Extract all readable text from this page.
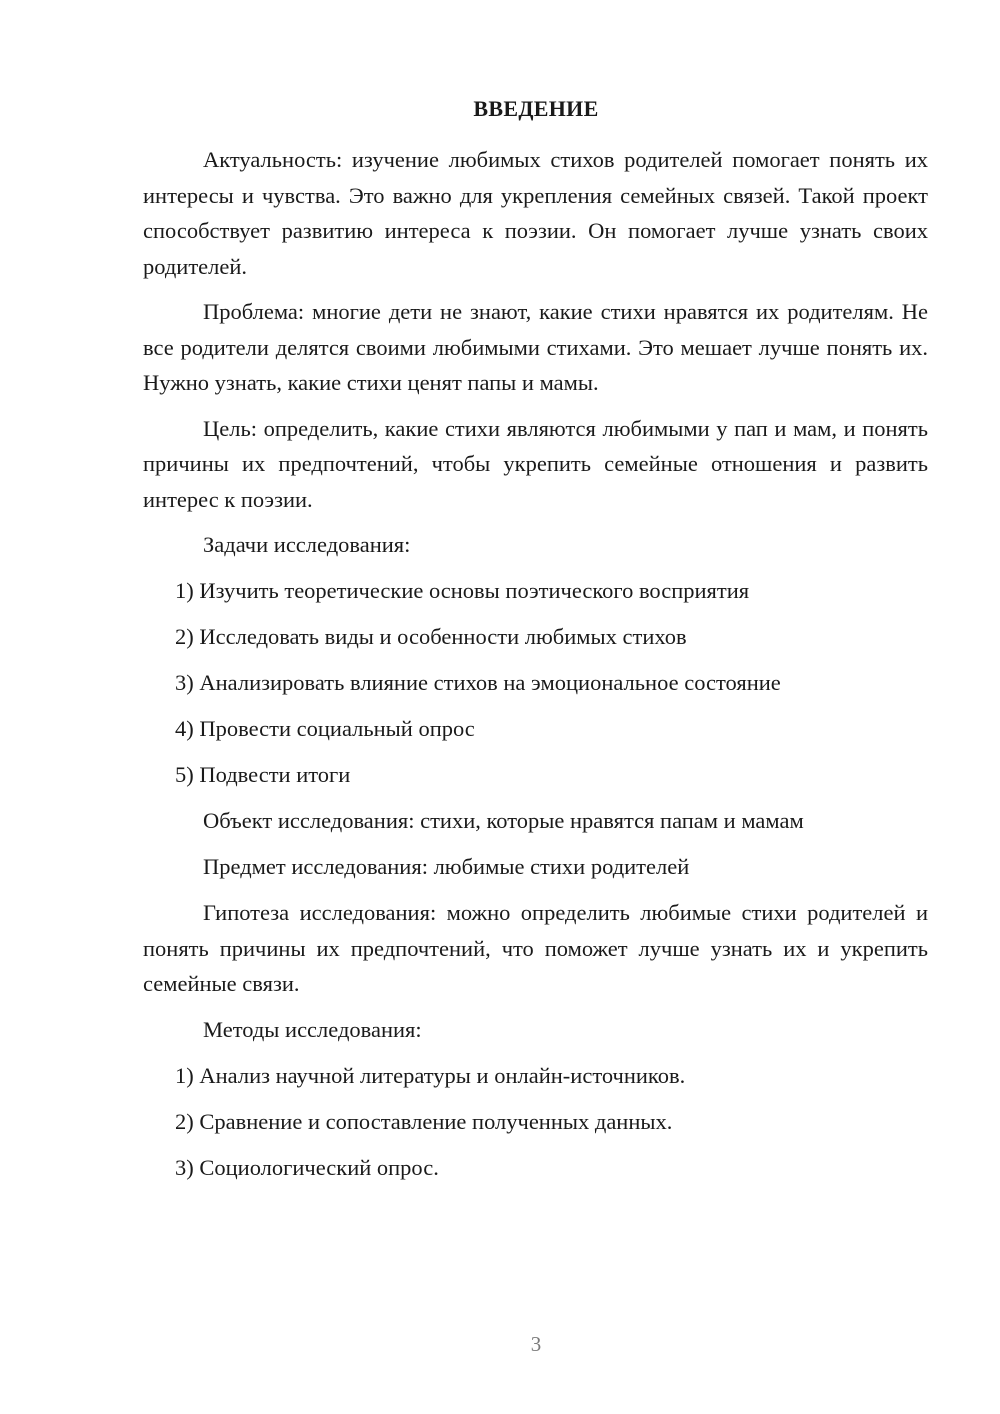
ВВЕДЕНИЕ

Актуальность: изучение любимых стихов родителей помогает понять их интересы и чувства. Это важно для укрепления семейных связей. Такой проект способствует развитию интереса к поэзии. Он помогает лучше узнать своих родителей.

Проблема: многие дети не знают, какие стихи нравятся их родителям. Не все родители делятся своими любимыми стихами. Это мешает лучше понять их. Нужно узнать, какие стихи ценят папы и мамы.

Цель: определить, какие стихи являются любимыми у пап и мам, и понять причины их предпочтений, чтобы укрепить семейные отношения и развить интерес к поэзии.

Задачи исследования:

1) Изучить теоретические основы поэтического восприятия

2) Исследовать виды и особенности любимых стихов

3) Анализировать влияние стихов на эмоциональное состояние

4) Провести социальный опрос

5) Подвести итоги

Объект исследования: стихи, которые нравятся папам и мамам

Предмет исследования: любимые стихи родителей

Гипотеза исследования: можно определить любимые стихи родителей и понять причины их предпочтений, что поможет лучше узнать их и укрепить семейные связи.

Методы исследования:

1) Анализ научной литературы и онлайн-источников.

2) Сравнение и сопоставление полученных данных.

3) Социологический опрос.

3
